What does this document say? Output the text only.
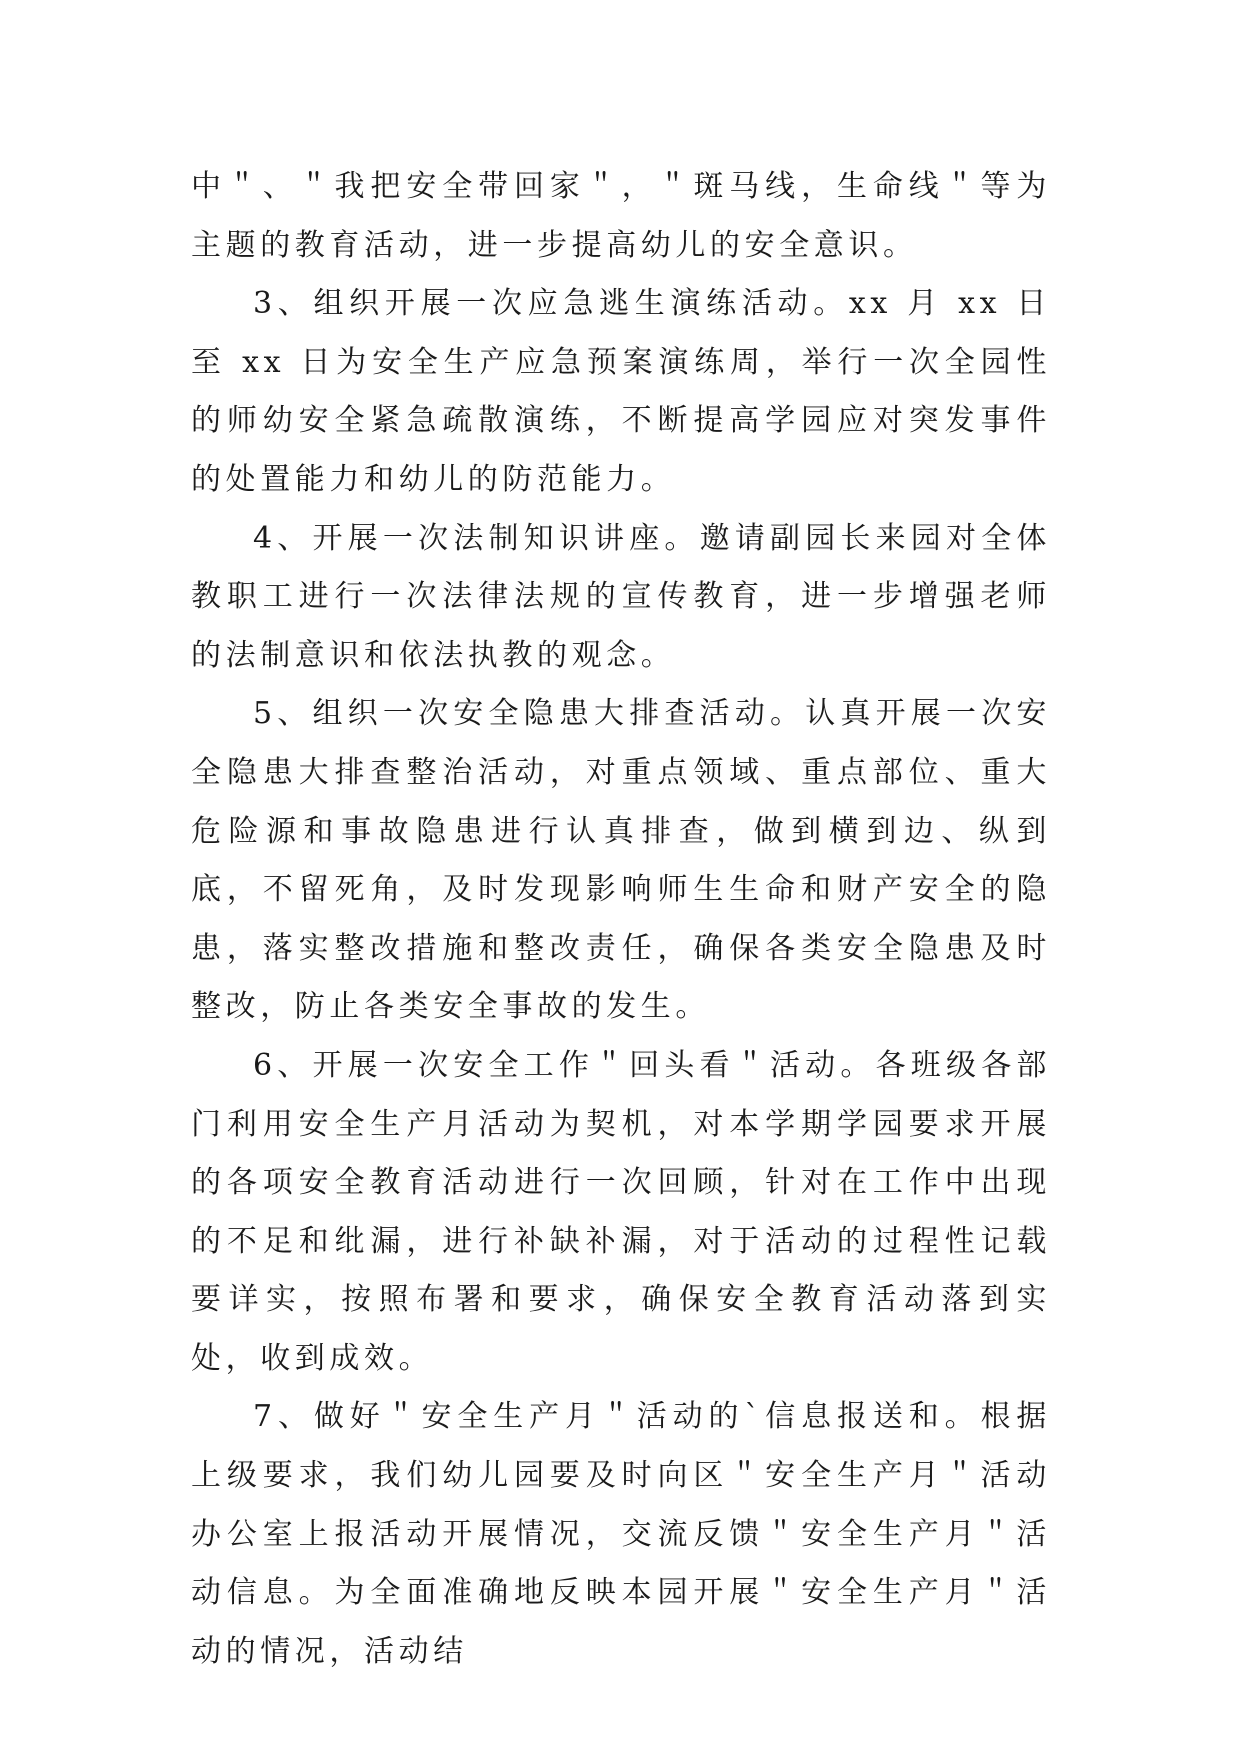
中＂、＂我把安全带回家＂，＂斑马线，生命线＂等为主题的教育活动，进一步提高幼儿的安全意识。

3、组织开展一次应急逃生演练活动。xx 月 xx 日至 xx 日为安全生产应急预案演练周，举行一次全园性的师幼安全紧急疏散演练，不断提高学园应对突发事件的处置能力和幼儿的防范能力。

4、开展一次法制知识讲座。邀请副园长来园对全体教职工进行一次法律法规的宣传教育，进一步增强老师的法制意识和依法执教的观念。

5、组织一次安全隐患大排查活动。认真开展一次安全隐患大排查整治活动，对重点领域、重点部位、重大危险源和事故隐患进行认真排查，做到横到边、纵到底，不留死角，及时发现影响师生生命和财产安全的隐患，落实整改措施和整改责任，确保各类安全隐患及时整改，防止各类安全事故的发生。

6、开展一次安全工作＂回头看＂活动。各班级各部门利用安全生产月活动为契机，对本学期学园要求开展的各项安全教育活动进行一次回顾，针对在工作中出现的不足和纰漏，进行补缺补漏，对于活动的过程性记载要详实，按照布署和要求，确保安全教育活动落到实处，收到成效。

7、做好＂安全生产月＂活动的`信息报送和。根据上级要求，我们幼儿园要及时向区＂安全生产月＂活动办公室上报活动开展情况，交流反馈＂安全生产月＂活动信息。为全面准确地反映本园开展＂安全生产月＂活动的情况，活动结
